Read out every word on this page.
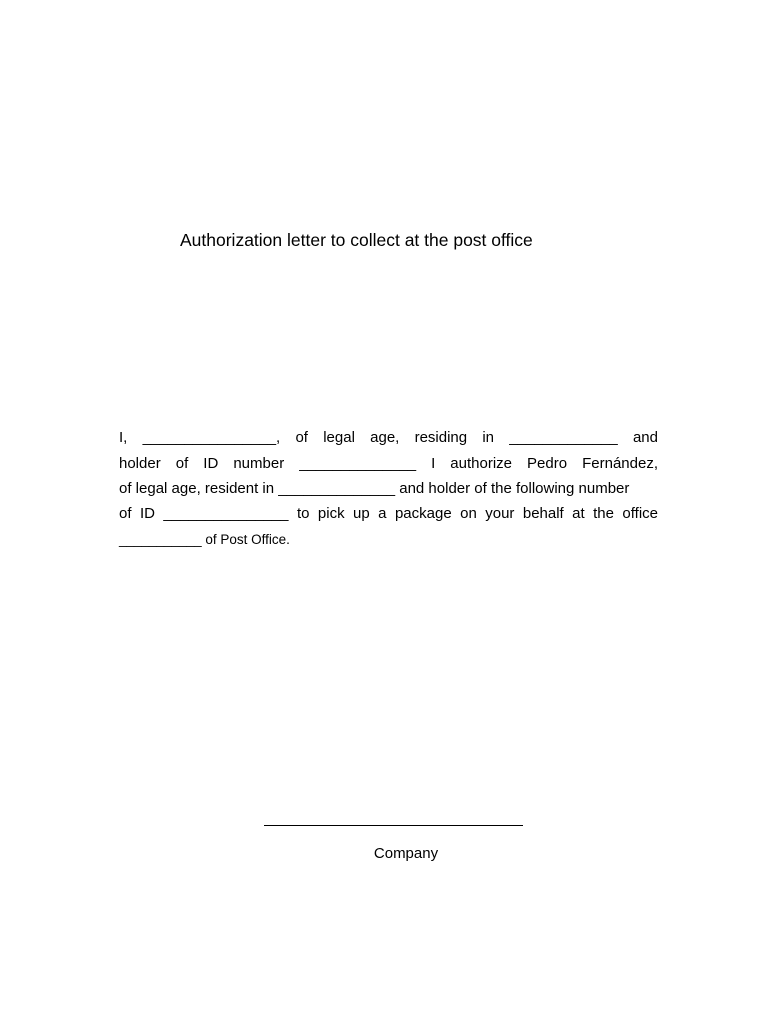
Authorization letter to collect at the post office
I, ________________, of legal age, residing in _____________ and
holder of ID number ______________ I authorize Pedro Fernández,
of legal age, resident in ______________ and holder of the following number
of ID _______________ to pick up a package on your behalf at the office
___________ of Post Office.
Company
